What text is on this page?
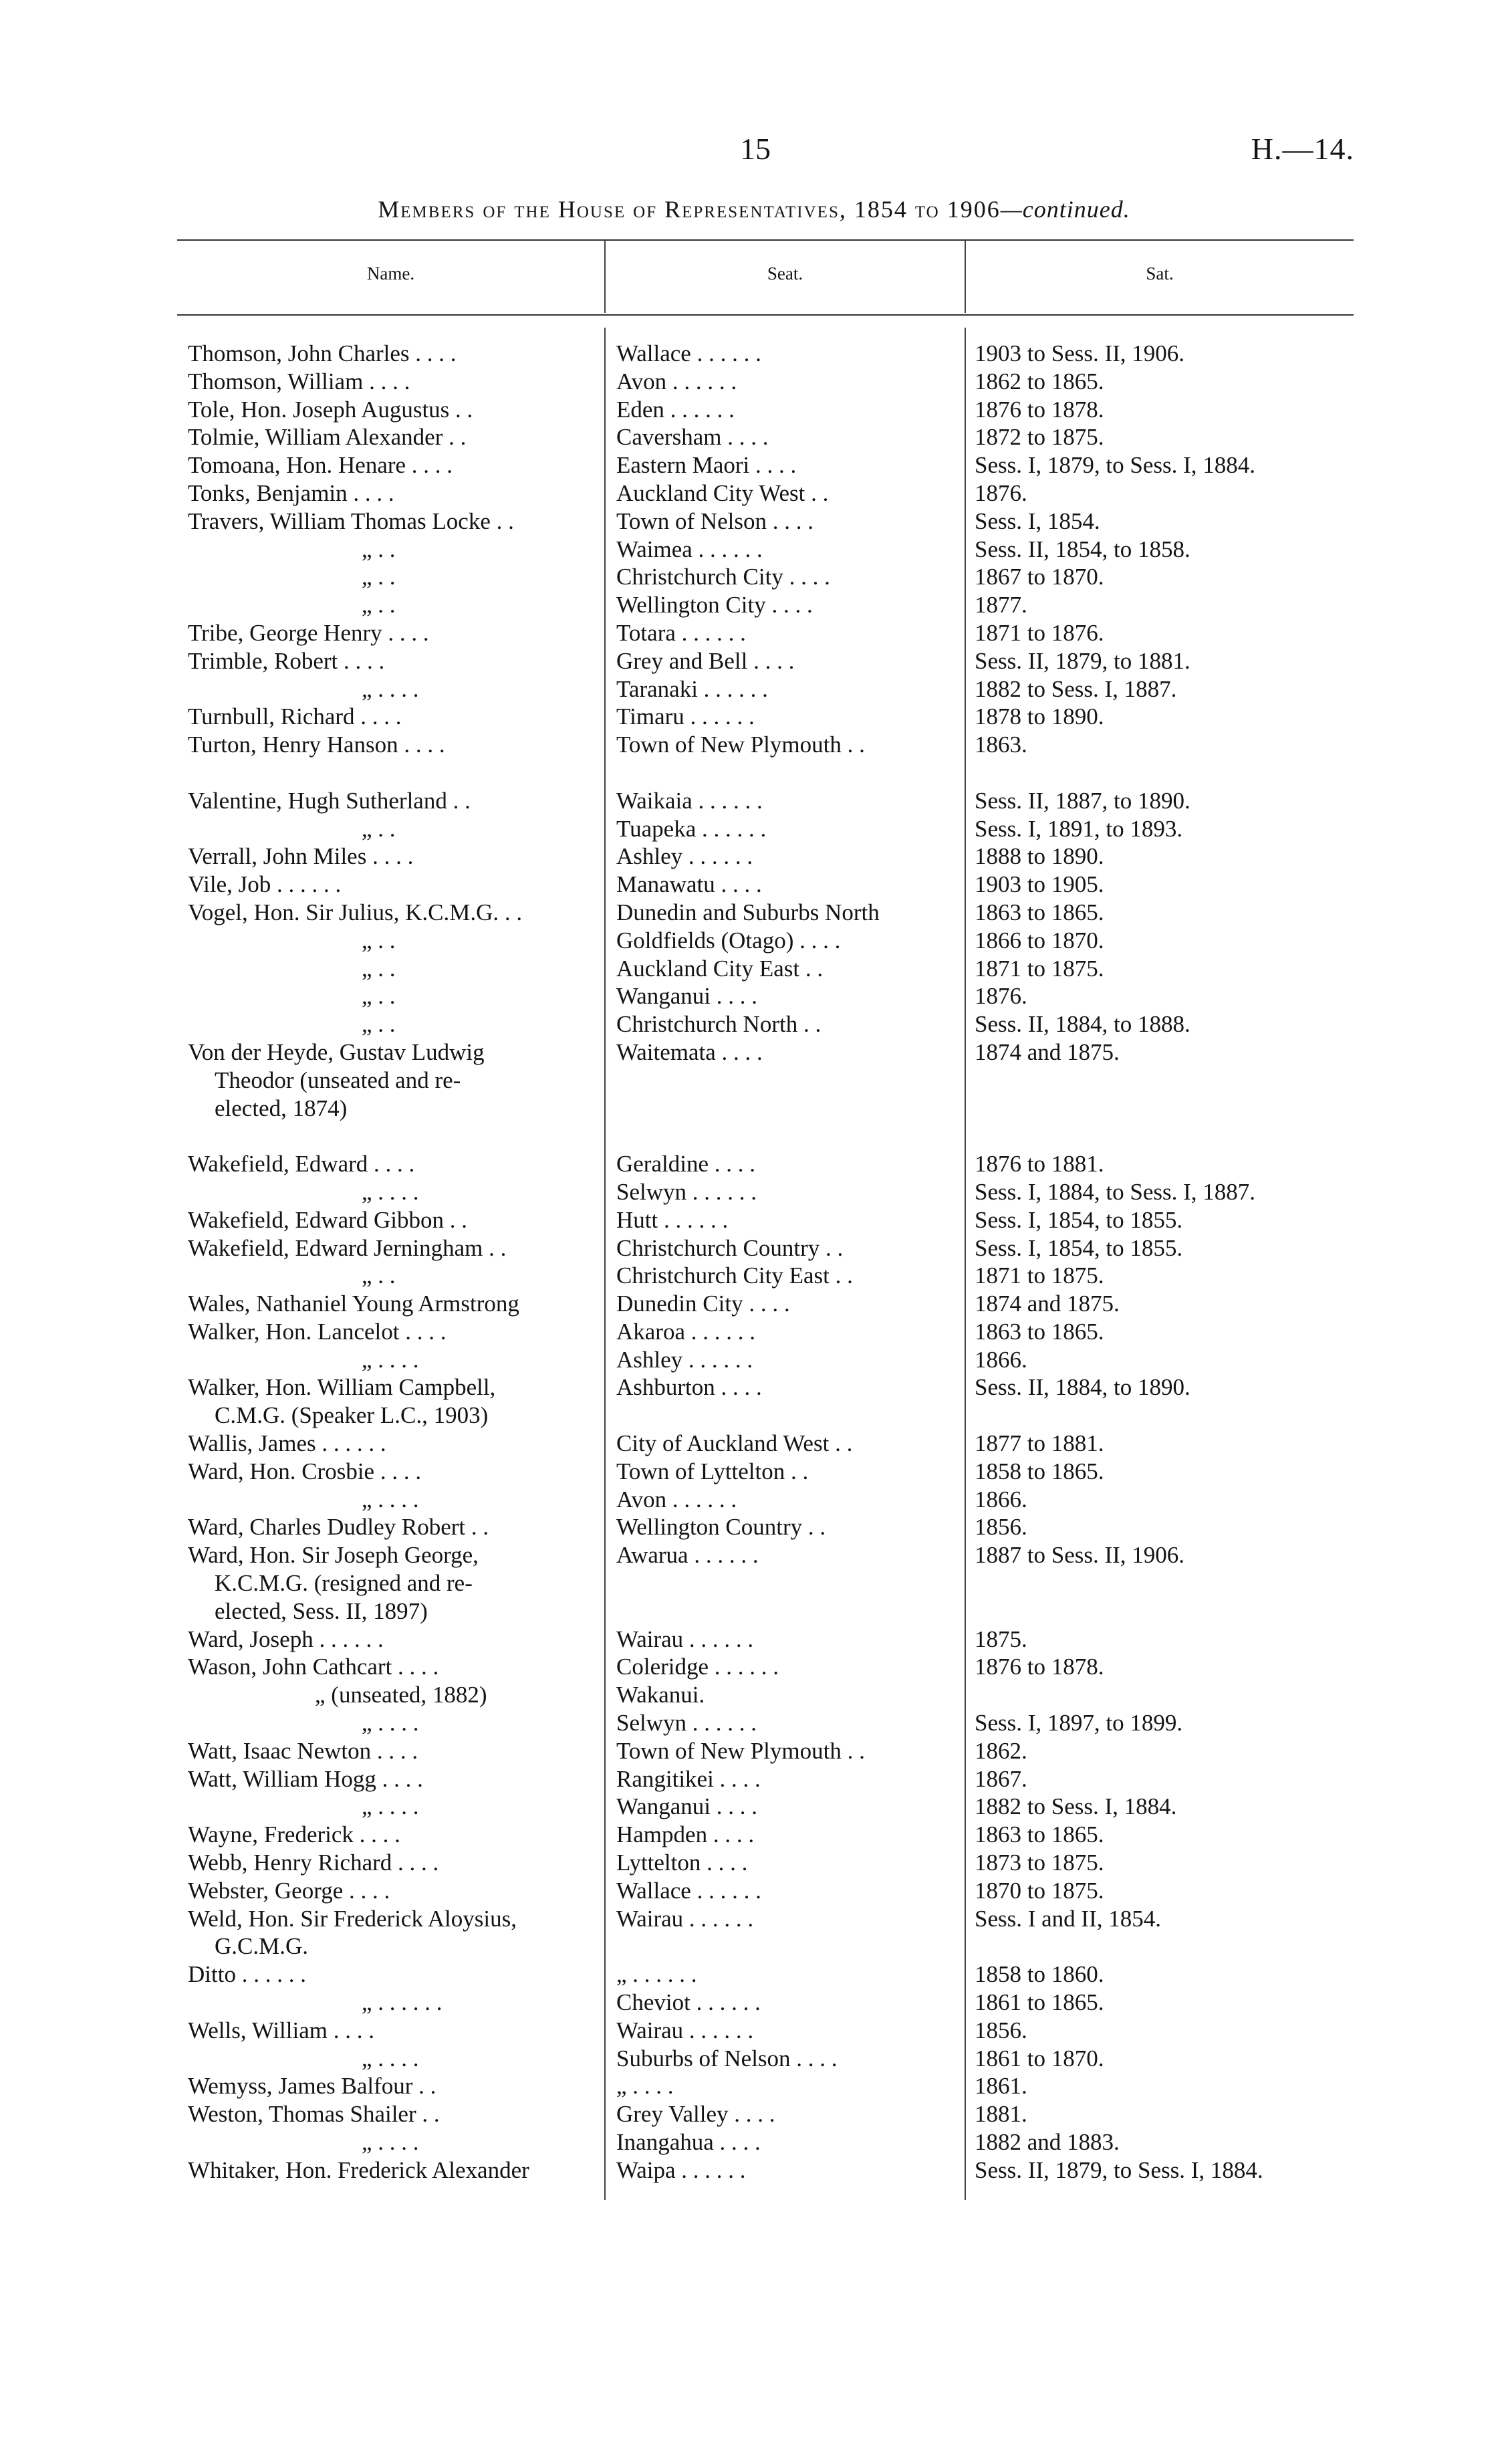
15	H.—14.
Members of the House of Representatives, 1854 to 1906—continued.
Name.	Seat.	Sat.
Thomson, John Charles . . . .	Wallace . . . . . .	1903 to Sess. II, 1906.
Thomson, William . . . .	Avon . . . . . .	1862 to 1865.
Tole, Hon. Joseph Augustus . .	Eden . . . . . .	1876 to 1878.
Tolmie, William Alexander . .	Caversham . . . .	1872 to 1875.
Tomoana, Hon. Henare . . . .	Eastern Maori . . . .	Sess. I, 1879, to Sess. I, 1884.
Tonks, Benjamin . . . .	Auckland City West . .	1876.
Travers, William Thomas Locke . .	Town of Nelson . . . .	Sess. I, 1854.
„ . .	Waimea . . . . . .	Sess. II, 1854, to 1858.
„ . .	Christchurch City . . . .	1867 to 1870.
„ . .	Wellington City . . . .	1877.
Tribe, George Henry . . . .	Totara . . . . . .	1871 to 1876.
Trimble, Robert . . . .	Grey and Bell . . . .	Sess. II, 1879, to 1881.
„ . . . .	Taranaki . . . . . .	1882 to Sess. I, 1887.
Turnbull, Richard . . . .	Timaru . . . . . .	1878 to 1890.
Turton, Henry Hanson . . . .	Town of New Plymouth . .	1863.
Valentine, Hugh Sutherland . .	Waikaia . . . . . .	Sess. II, 1887, to 1890.
„ . .	Tuapeka . . . . . .	Sess. I, 1891, to 1893.
Verrall, John Miles . . . .	Ashley . . . . . .	1888 to 1890.
Vile, Job . . . . . .	Manawatu . . . .	1903 to 1905.
Vogel, Hon. Sir Julius, K.C.M.G. . .	Dunedin and Suburbs North	1863 to 1865.
„ . .	Goldfields (Otago) . . . .	1866 to 1870.
„ . .	Auckland City East . .	1871 to 1875.
„ . .	Wanganui . . . .	1876.
„ . .	Christchurch North . .	Sess. II, 1884, to 1888.
Von der Heyde, Gustav Ludwig	Waitemata . . . .	1874 and 1875.
Theodor (unseated and re-
elected, 1874)
Wakefield, Edward . . . .	Geraldine . . . .	1876 to 1881.
„ . . . .	Selwyn . . . . . .	Sess. I, 1884, to Sess. I, 1887.
Wakefield, Edward Gibbon . .	Hutt . . . . . .	Sess. I, 1854, to 1855.
Wakefield, Edward Jerningham . .	Christchurch Country . .	Sess. I, 1854, to 1855.
„ . .	Christchurch City East . .	1871 to 1875.
Wales, Nathaniel Young Armstrong	Dunedin City . . . .	1874 and 1875.
Walker, Hon. Lancelot . . . .	Akaroa . . . . . .	1863 to 1865.
„ . . . .	Ashley . . . . . .	1866.
Walker, Hon. William Campbell,	Ashburton . . . .	Sess. II, 1884, to 1890.
C.M.G. (Speaker L.C., 1903)
Wallis, James . . . . . .	City of Auckland West . .	1877 to 1881.
Ward, Hon. Crosbie . . . .	Town of Lyttelton . .	1858 to 1865.
„ . . . .	Avon . . . . . .	1866.
Ward, Charles Dudley Robert . .	Wellington Country . .	1856.
Ward, Hon. Sir Joseph George,	Awarua . . . . . .	1887 to Sess. II, 1906.
K.C.M.G. (resigned and re-
elected, Sess. II, 1897)
Ward, Joseph . . . . . .	Wairau . . . . . .	1875.
Wason, John Cathcart . . . .	Coleridge . . . . . .	1876 to 1878.
„ (unseated, 1882)	Wakanui.
„ . . . .	Selwyn . . . . . .	Sess. I, 1897, to 1899.
Watt, Isaac Newton . . . .	Town of New Plymouth . .	1862.
Watt, William Hogg . . . .	Rangitikei . . . .	1867.
„ . . . .	Wanganui . . . .	1882 to Sess. I, 1884.
Wayne, Frederick . . . .	Hampden . . . .	1863 to 1865.
Webb, Henry Richard . . . .	Lyttelton . . . .	1873 to 1875.
Webster, George . . . .	Wallace . . . . . .	1870 to 1875.
Weld, Hon. Sir Frederick Aloysius,	Wairau . . . . . .	Sess. I and II, 1854.
G.C.M.G.
Ditto . . . . . .	„ . . . . . .	1858 to 1860.
„ . . . . . .	Cheviot . . . . . .	1861 to 1865.
Wells, William . . . .	Wairau . . . . . .	1856.
„ . . . .	Suburbs of Nelson . . . .	1861 to 1870.
Wemyss, James Balfour . .	„ . . . .	1861.
Weston, Thomas Shailer . .	Grey Valley . . . .	1881.
„ . . . .	Inangahua . . . .	1882 and 1883.
Whitaker, Hon. Frederick Alexander	Waipa . . . . . .	Sess. II, 1879, to Sess. I, 1884.
